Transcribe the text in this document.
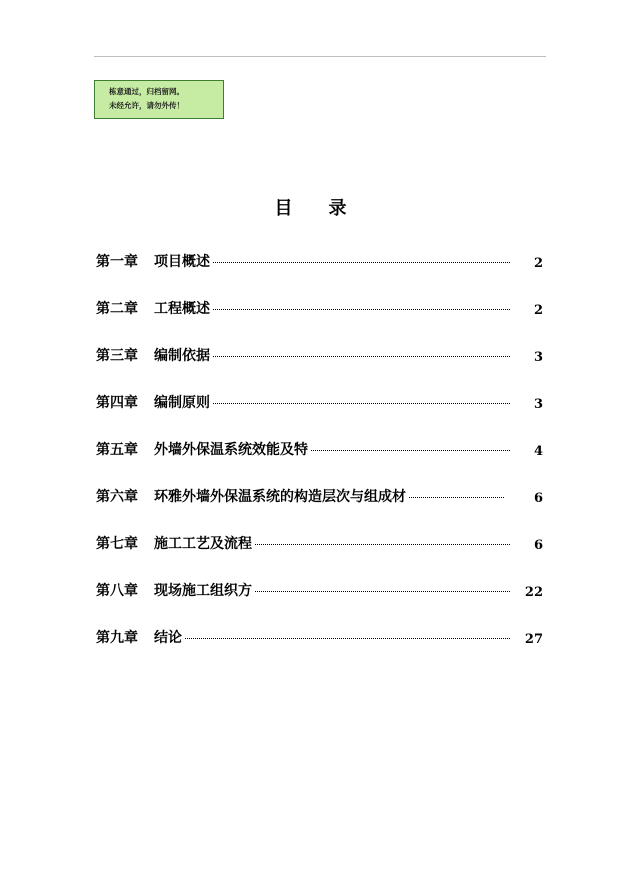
栋意通过，归档留网。
未经允许，请勿外传！
目 录
第一章 项目概述	2
第二章 工程概述	2
第三章 编制依据	3
第四章 编制原则	3
第五章 外墙外保温系统效能及特	4
第六章 环雅外墙外保温系统的构造层次与组成材	6
第七章 施工工艺及流程	6
第八章 现场施工组织方	22
第九章 结论	27
